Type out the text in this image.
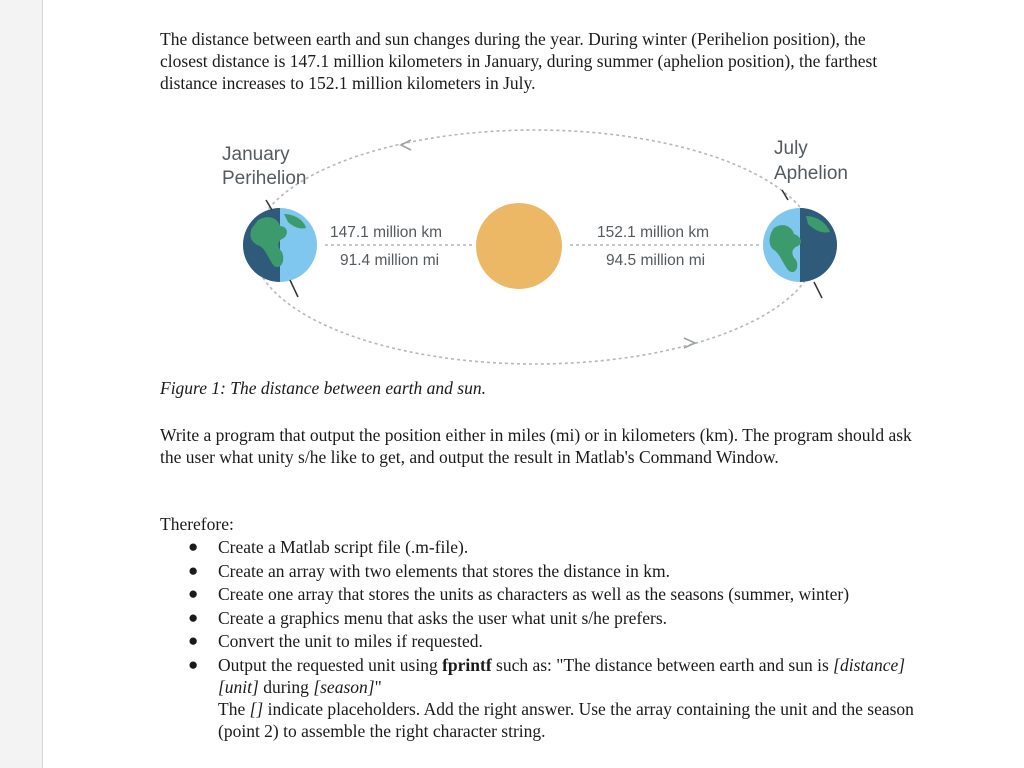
The distance between earth and sun changes during the year. During winter (Perihelion position), the closest distance is 147.1 million kilometers in January, during summer (aphelion position), the farthest distance increases to 152.1 million kilometers in July.

Figure 1: The distance between earth and sun.

Write a program that output the position either in miles (mi) or in kilometers (km). The program should ask the user what unity s/he like to get, and output the result in Matlab's Command Window.

Therefore:

● Create a Matlab script file (.m-file).
● Create an array with two elements that stores the distance in km.
● Create one array that stores the units as characters as well as the seasons (summer, winter)
● Create a graphics menu that asks the user what unit s/he prefers.
● Convert the unit to miles if requested.
● Output the requested unit using fprintf such as: "The distance between earth and sun is [distance] [unit] during [season]"
The [] indicate placeholders. Add the right answer. Use the array containing the unit and the season (point 2) to assemble the right character string.
January
Perihelion
July
Aphelion
147.1 million km
91.4 million mi
152.1 million km
94.5 million mi
